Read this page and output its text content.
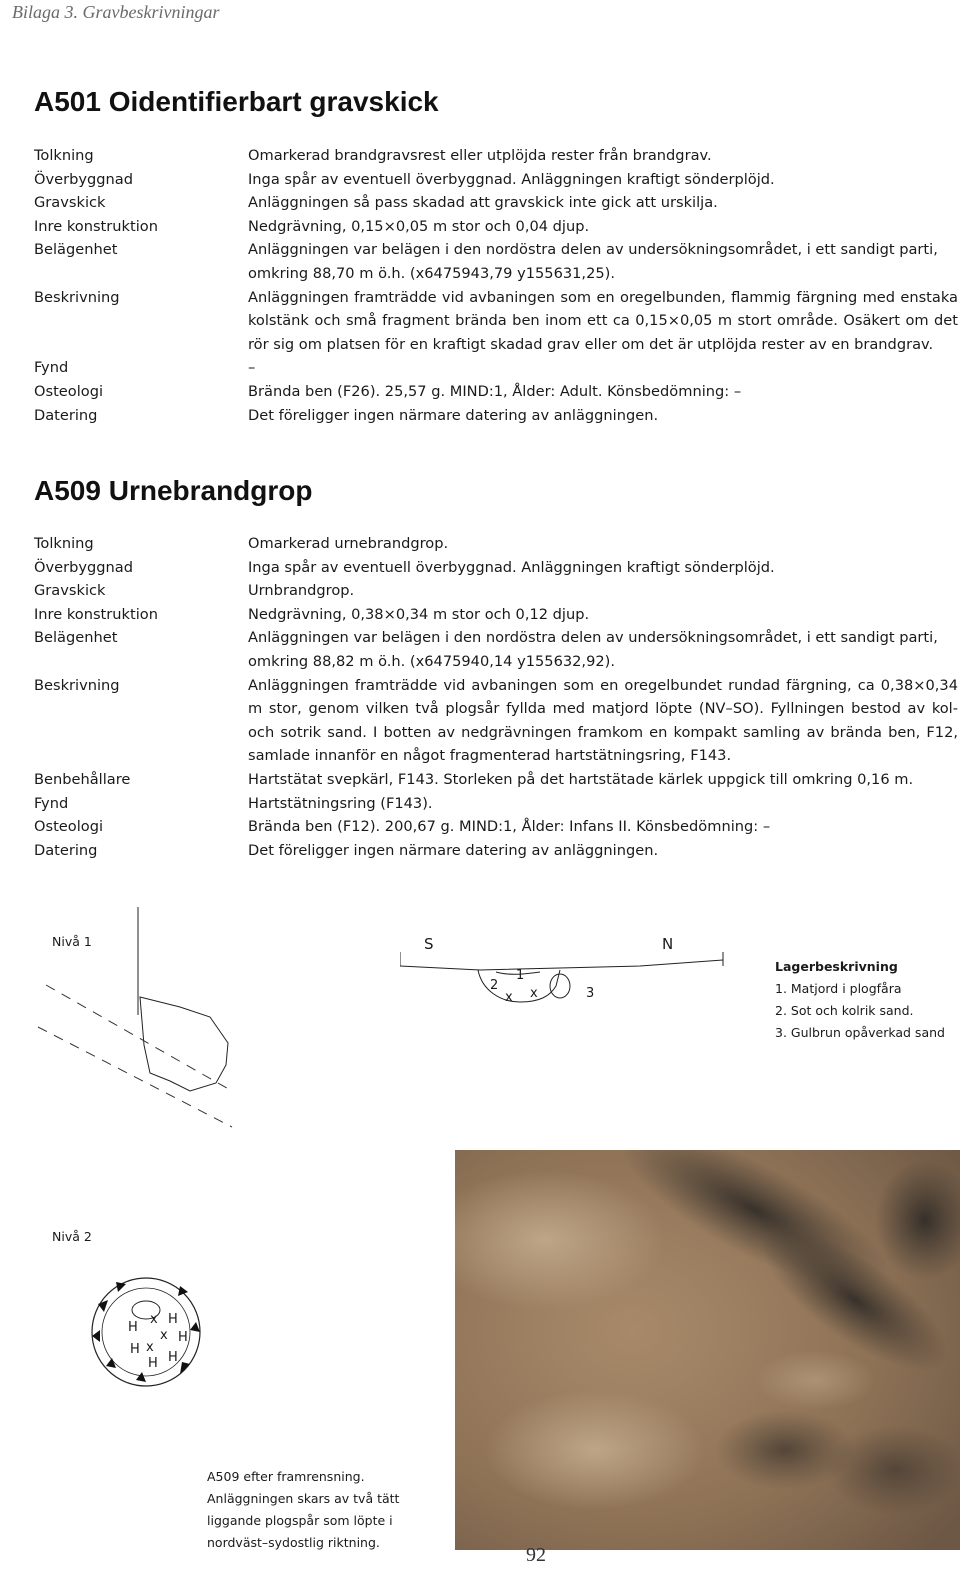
Bilaga 3. Gravbeskrivningar
A501 Oidentifierbart gravskick
Tolkning	Omarkerad brandgravsrest eller utplöjda rester från brandgrav.
Överbyggnad	Inga spår av eventuell överbyggnad. Anläggningen kraftigt sönderplöjd.
Gravskick	Anläggningen så pass skadad att gravskick inte gick att urskilja.
Inre konstruktion	Nedgrävning, 0,15×0,05 m stor och 0,04 djup.
Belägenhet	Anläggningen var belägen i den nordöstra delen av undersökningsområdet, i ett sandigt parti, omkring 88,70 m ö.h. (x6475943,79 y155631,25).
Beskrivning	Anläggningen framträdde vid avbaningen som en oregelbunden, flammig färgning med enstaka kolstänk och små fragment brända ben inom ett ca 0,15×0,05 m stort område. Osäkert om det rör sig om platsen för en kraftigt skadad grav eller om det är utplöjda rester av en brandgrav.
Fynd	–
Osteologi	Brända ben (F26). 25,57 g. MIND:1, Ålder: Adult. Könsbedömning: –
Datering	Det föreligger ingen närmare datering av anläggningen.
A509 Urnebrandgrop
Tolkning	Omarkerad urnebrandgrop.
Överbyggnad	Inga spår av eventuell överbyggnad. Anläggningen kraftigt sönderplöjd.
Gravskick	Urnbrandgrop.
Inre konstruktion	Nedgrävning, 0,38×0,34 m stor och 0,12 djup.
Belägenhet	Anläggningen var belägen i den nordöstra delen av undersökningsområdet, i ett sandigt parti, omkring 88,82 m ö.h. (x6475940,14 y155632,92).
Beskrivning	Anläggningen framträdde vid avbaningen som en oregelbundet rundad färgning, ca 0,38×0,34 m stor, genom vilken två plogsår fyllda med matjord löpte (NV–SO). Fyllningen bestod av kol- och sotrik sand. I botten av nedgrävningen framkom en kompakt samling av brända ben, F12, samlade innanför en något fragmenterad hartstätningsring, F143.
Benbehållare	Hartstätat svepkärl, F143. Storleken på det hartstätade kärlek uppgick till omkring 0,16 m.
Fynd	Hartstätningsring (F143).
Osteologi	Brända ben (F12). 200,67 g. MIND:1, Ålder: Infans II. Könsbedömning: –
Datering	Det föreligger ingen närmare datering av anläggningen.
Nivå 1	S	N
1
2
3
x x
Lagerbeskrivning
1. Matjord i plogfåra
2. Sot och kolrik sand.
3. Gulbrun opåverkad sand
Nivå 2
H
x H
x H
H x
H
H
A509 efter framrensning. Anläggningen skars av två tätt liggande plogspår som löpte i nordväst–sydostlig riktning.
92
